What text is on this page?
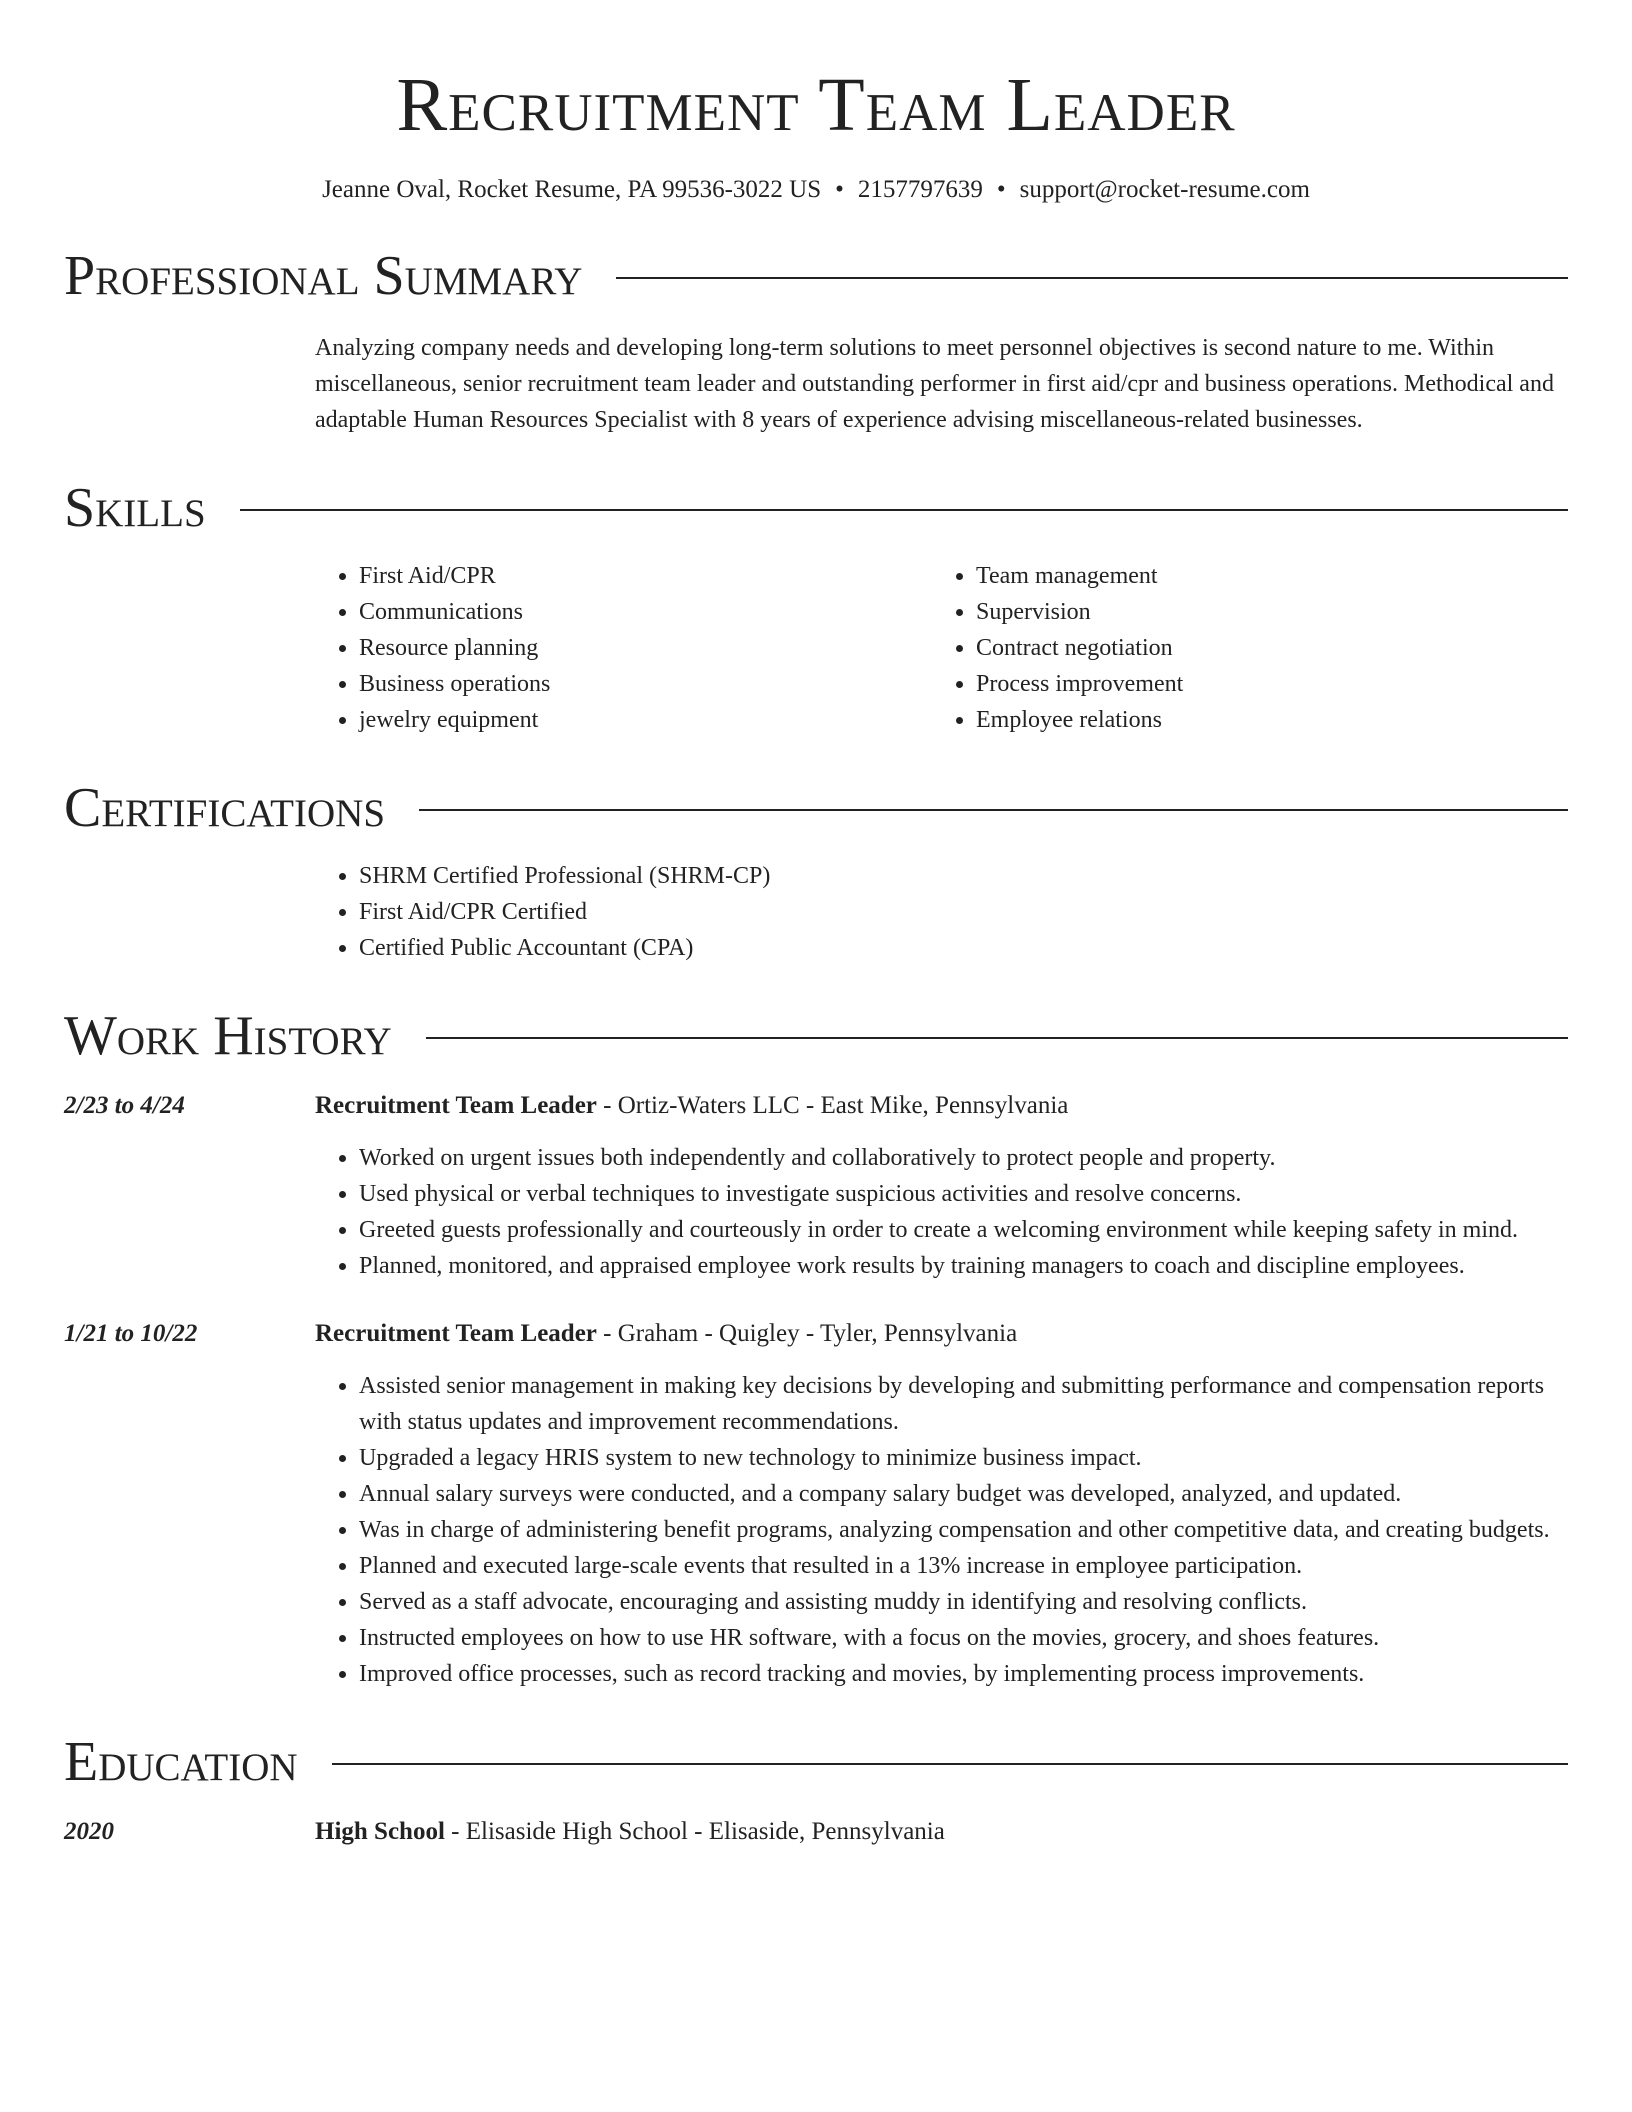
Recruitment Team Leader
Jeanne Oval, Rocket Resume, PA 99536-3022 US • 2157797639 • support@rocket-resume.com
Professional Summary
Analyzing company needs and developing long-term solutions to meet personnel objectives is second nature to me. Within miscellaneous, senior recruitment team leader and outstanding performer in first aid/cpr and business operations. Methodical and adaptable Human Resources Specialist with 8 years of experience advising miscellaneous-related businesses.
Skills
• First Aid/CPR
• Communications
• Resource planning
• Business operations
• jewelry equipment
• Team management
• Supervision
• Contract negotiation
• Process improvement
• Employee relations
Certifications
• SHRM Certified Professional (SHRM-CP)
• First Aid/CPR Certified
• Certified Public Accountant (CPA)
Work History
2/23 to 4/24	Recruitment Team Leader - Ortiz-Waters LLC - East Mike, Pennsylvania
• Worked on urgent issues both independently and collaboratively to protect people and property.
• Used physical or verbal techniques to investigate suspicious activities and resolve concerns.
• Greeted guests professionally and courteously in order to create a welcoming environment while keeping safety in mind.
• Planned, monitored, and appraised employee work results by training managers to coach and discipline employees.
1/21 to 10/22	Recruitment Team Leader - Graham - Quigley - Tyler, Pennsylvania
• Assisted senior management in making key decisions by developing and submitting performance and compensation reports with status updates and improvement recommendations.
• Upgraded a legacy HRIS system to new technology to minimize business impact.
• Annual salary surveys were conducted, and a company salary budget was developed, analyzed, and updated.
• Was in charge of administering benefit programs, analyzing compensation and other competitive data, and creating budgets.
• Planned and executed large-scale events that resulted in a 13% increase in employee participation.
• Served as a staff advocate, encouraging and assisting muddy in identifying and resolving conflicts.
• Instructed employees on how to use HR software, with a focus on the movies, grocery, and shoes features.
• Improved office processes, such as record tracking and movies, by implementing process improvements.
Education
2020	High School - Elisaside High School - Elisaside, Pennsylvania
